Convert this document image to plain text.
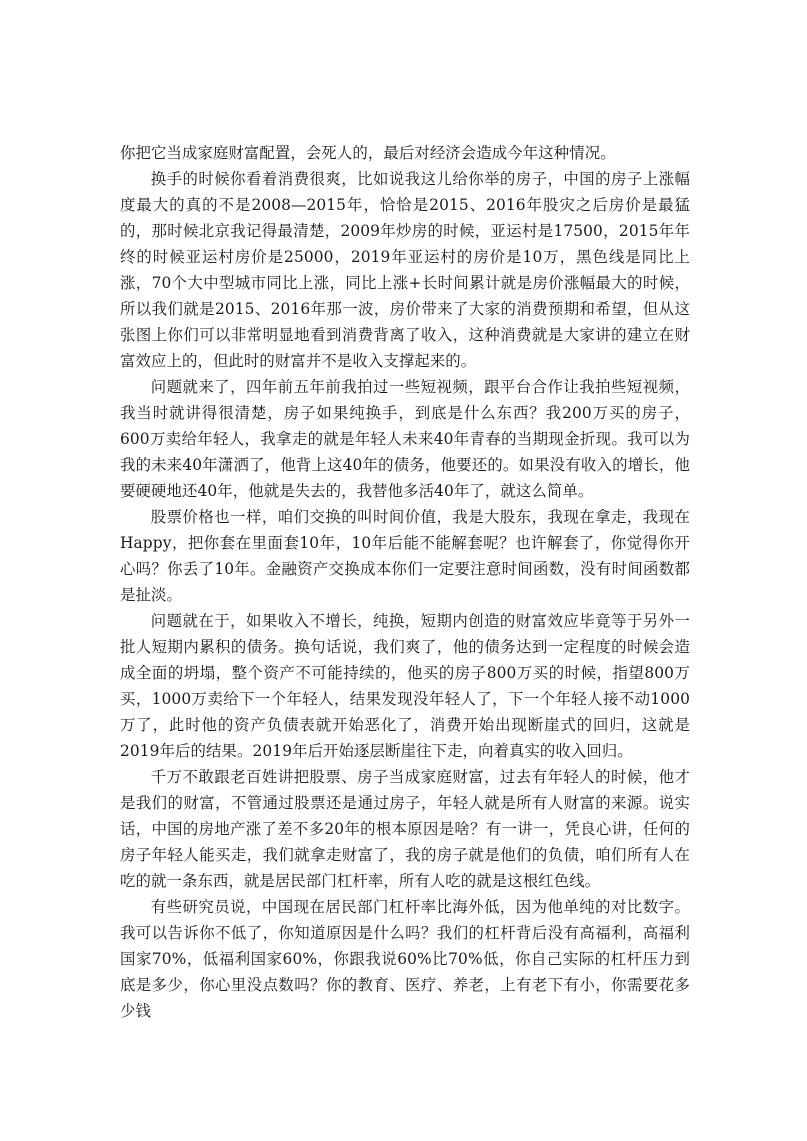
你把它当成家庭财富配置，会死人的，最后对经济会造成今年这种情况。

换手的时候你看着消费很爽，比如说我这儿给你举的房子，中国的房子上涨幅度最大的真的不是2008—2015年，恰恰是2015、2016年股灾之后房价是最猛的，那时候北京我记得最清楚，2009年炒房的时候，亚运村是17500，2015年年终的时候亚运村房价是25000，2019年亚运村的房价是10万，黑色线是同比上涨，70个大中型城市同比上涨，同比上涨+长时间累计就是房价涨幅最大的时候，所以我们就是2015、2016年那一波，房价带来了大家的消费预期和希望，但从这张图上你们可以非常明显地看到消费背离了收入，这种消费就是大家讲的建立在财富效应上的，但此时的财富并不是收入支撑起来的。

问题就来了，四年前五年前我拍过一些短视频，跟平台合作让我拍些短视频，我当时就讲得很清楚，房子如果纯换手，到底是什么东西？我200万买的房子，600万卖给年轻人，我拿走的就是年轻人未来40年青春的当期现金折现。我可以为我的未来40年潇洒了，他背上这40年的债务，他要还的。如果没有收入的增长，他要硬硬地还40年，他就是失去的，我替他多活40年了，就这么简单。

股票价格也一样，咱们交换的叫时间价值，我是大股东，我现在拿走，我现在Happy，把你套在里面套10年，10年后能不能解套呢？也许解套了，你觉得你开心吗？你丢了10年。金融资产交换成本你们一定要注意时间函数，没有时间函数都是扯淡。

问题就在于，如果收入不增长，纯换，短期内创造的财富效应毕竟等于另外一批人短期内累积的债务。换句话说，我们爽了，他的债务达到一定程度的时候会造成全面的坍塌，整个资产不可能持续的，他买的房子800万买的时候，指望800万买，1000万卖给下一个年轻人，结果发现没年轻人了，下一个年轻人接不动1000万了，此时他的资产负债表就开始恶化了，消费开始出现断崖式的回归，这就是2019年后的结果。2019年后开始逐层断崖往下走，向着真实的收入回归。

千万不敢跟老百姓讲把股票、房子当成家庭财富，过去有年轻人的时候，他才是我们的财富，不管通过股票还是通过房子，年轻人就是所有人财富的来源。说实话，中国的房地产涨了差不多20年的根本原因是啥？有一讲一，凭良心讲，任何的房子年轻人能买走，我们就拿走财富了，我的房子就是他们的负债，咱们所有人在吃的就一条东西，就是居民部门杠杆率，所有人吃的就是这根红色线。

有些研究员说，中国现在居民部门杠杆率比海外低，因为他单纯的对比数字。我可以告诉你不低了，你知道原因是什么吗？我们的杠杆背后没有高福利，高福利国家70%，低福利国家60%，你跟我说60%比70%低，你自己实际的杠杆压力到底是多少，你心里没点数吗？你的教育、医疗、养老，上有老下有小，你需要花多少钱
